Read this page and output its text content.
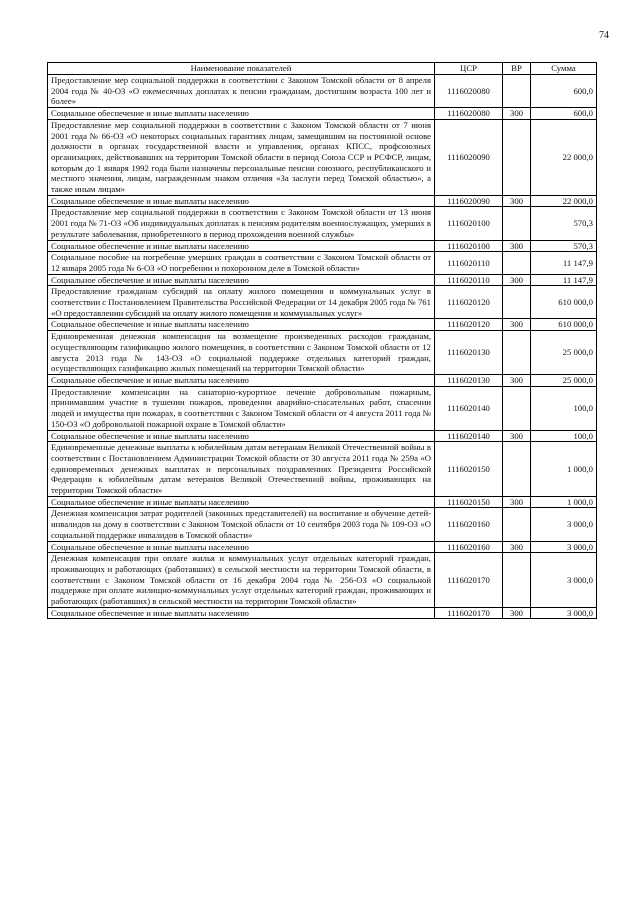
74
Наименование показателей	ЦСР	ВР	Сумма
Предоставление мер социальной поддержки в соответствии с Законом Томской области от 8 апреля 2004 года № 40-ОЗ «О ежемесячных доплатах к пенсии гражданам, достигшим возраста 100 лет и более»	1116020080		600,0
Социальное обеспечение и иные выплаты населению	1116020080	300	600,0
Предоставление мер социальной поддержки в соответствии с Законом Томской области от 7 июня 2001 года № 66-ОЗ «О некоторых социальных гарантиях лицам, замещавшим на постоянной основе должности в органах государственной власти и управления, органах КПСС, профсоюзных организациях, действовавших на территории Томской области в период Союза ССР и РСФСР, лицам, которым до 1 января 1992 года были назначены персональные пенсии союзного, республиканского и местного значения, лицам, награжденным знаком отличия «За заслуги перед Томской областью», а также иным лицам»	1116020090		22 000,0
Социальное обеспечение и иные выплаты населению	1116020090	300	22 000,0
Предоставление мер социальной поддержки в соответствии с Законом Томской области от 13 июня 2001 года № 71-ОЗ «Об индивидуальных доплатах к пенсиям родителям военнослужащих, умерших в результате заболевания, приобретенного в период прохождения военной службы»	1116020100		570,3
Социальное обеспечение и иные выплаты населению	1116020100	300	570,3
Социальное пособие на погребение умерших граждан в соответствии с Законом Томской области от 12 января 2005 года № 6-ОЗ «О погребении и похоронном деле в Томской области»	1116020110		11 147,9
Социальное обеспечение и иные выплаты населению	1116020110	300	11 147,9
Предоставление гражданам субсидий на оплату жилого помещения и коммунальных услуг в соответствии с Постановлением Правительства Российской Федерации от 14 декабря 2005 года № 761 «О предоставлении субсидий на оплату жилого помещения и коммунальных услуг»	1116020120		610 000,0
Социальное обеспечение и иные выплаты населению	1116020120	300	610 000,0
Единовременная денежная компенсация на возмещение произведенных расходов гражданам, осуществляющим газификацию жилого помещения, в соответствии с Законом Томской области от 12 августа 2013 года № 143-ОЗ «О социальной поддержке отдельных категорий граждан, осуществляющих газификацию жилых помещений на территории Томской области»	1116020130		25 000,0
Социальное обеспечение и иные выплаты населению	1116020130	300	25 000,0
Предоставление компенсации на санаторно-курортное лечение добровольным пожарным, принимавшим участие в тушении пожаров, проведении аварийно-спасательных работ, спасении людей и имущества при пожарах, в соответствии с Законом Томской области от 4 августа 2011 года № 150-ОЗ «О добровольной пожарной охране в Томской области»	1116020140		100,0
Социальное обеспечение и иные выплаты населению	1116020140	300	100,0
Единовременные денежные выплаты к юбилейным датам ветеранам Великой Отечественной войны в соответствии с Постановлением Администрации Томской области от 30 августа 2011 года № 259а «О единовременных денежных выплатах и персональных поздравлениях Президента Российской Федерации к юбилейным датам ветеранов Великой Отечественной войны, проживающих на территории Томской области»	1116020150		1 000,0
Социальное обеспечение и иные выплаты населению	1116020150	300	1 000,0
Денежная компенсация затрат родителей (законных представителей) на воспитание и обучение детей-инвалидов на дому в соответствии с Законом Томской области от 10 сентября 2003 года № 109-ОЗ «О социальной поддержке инвалидов в Томской области»	1116020160		3 000,0
Социальное обеспечение и иные выплаты населению	1116020160	300	3 000,0
Денежная компенсация при оплате жилья и коммунальных услуг отдельных категорий граждан, проживающих и работающих (работавших) в сельской местности на территории Томской области, в соответствии с Законом Томской области от 16 декабря 2004 года № 256-ОЗ «О социальной поддержке при оплате жилищно-коммунальных услуг отдельных категорий граждан, проживающих и работающих (работавших) в сельской местности на территории Томской области»	1116020170		3 000,0
Социальное обеспечение и иные выплаты населению	1116020170	300	3 000,0
